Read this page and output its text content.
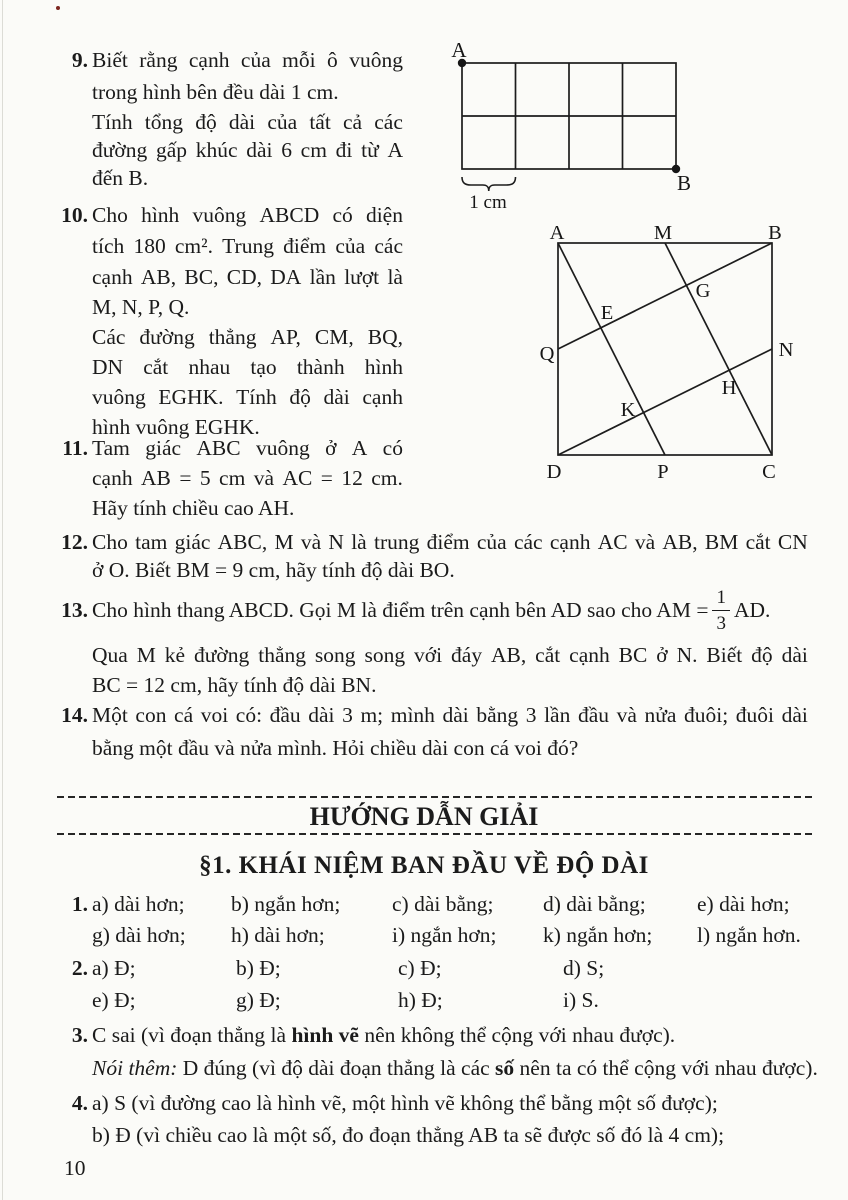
9. Biết rằng cạnh của mỗi ô vuông
trong hình bên đều dài 1 cm.
Tính tổng độ dài của tất cả các
đường gấp khúc dài 6 cm đi từ A
đến B.
A
B
1 cm
10. Cho hình vuông ABCD có diện
tích 180 cm². Trung điểm của các
cạnh AB, BC, CD, DA lần lượt là
M, N, P, Q.
Các đường thẳng AP, CM, BQ,
DN cắt nhau tạo thành hình
vuông EGHK. Tính độ dài cạnh
hình vuông EGHK.
A	M	B
Q	N
D	P	C
E
G
H
K
11. Tam giác ABC vuông ở A có
cạnh AB = 5 cm và AC = 12 cm.
Hãy tính chiều cao AH.
12. Cho tam giác ABC, M và N là trung điểm của các cạnh AC và AB, BM cắt CN
ở O. Biết BM = 9 cm, hãy tính độ dài BO.
13. Cho hình thang ABCD. Gọi M là điểm trên cạnh bên AD sao cho AM = $\frac{1}{3}$ AD.
Qua M kẻ đường thẳng song song với đáy AB, cắt cạnh BC ở N. Biết độ dài
BC = 12 cm, hãy tính độ dài BN.
14. Một con cá voi có: đầu dài 3 m; mình dài bằng 3 lần đầu và nửa đuôi; đuôi dài
bằng một đầu và nửa mình. Hỏi chiều dài con cá voi đó?
HƯỚNG DẪN GIẢI
§1. KHÁI NIỆM BAN ĐẦU VỀ ĐỘ DÀI
1. a) dài hơn; b) ngắn hơn; c) dài bằng; d) dài bằng; e) dài hơn;
g) dài hơn; h) dài hơn;	i) ngắn hơn; k) ngắn hơn; l) ngắn hơn.
2. a) Đ;	b) Đ;	c) Đ;	d) S;
e) Đ;	g) Đ;	h) Đ;	i) S.
3. C sai (vì đoạn thẳng là hình vẽ nên không thể cộng với nhau được).
Nói thêm: D đúng (vì độ dài đoạn thẳng là các số nên ta có thể cộng với nhau được).
4. a) S (vì đường cao là hình vẽ, một hình vẽ không thể bằng một số được);
b) Đ (vì chiều cao là một số, đo đoạn thẳng AB ta sẽ được số đó là 4 cm);
10
